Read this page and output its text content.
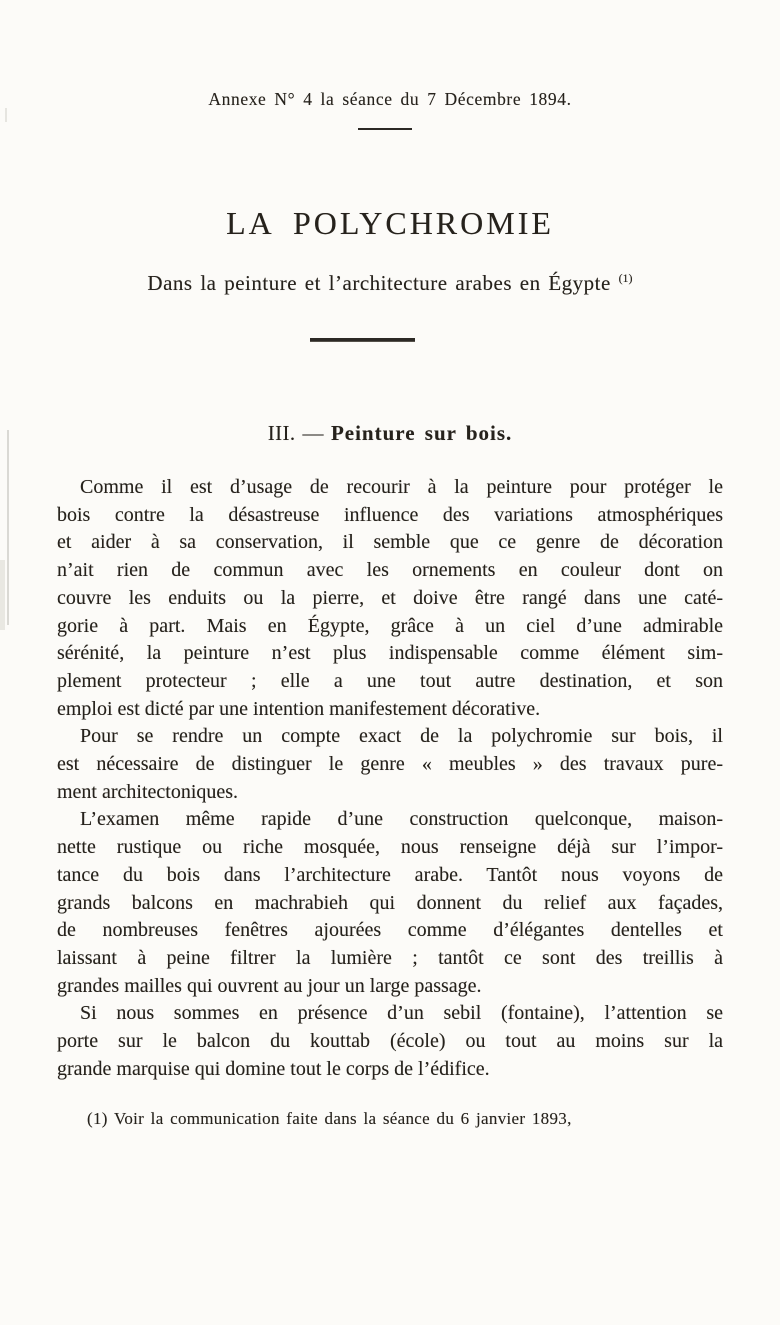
Annexe N° 4 la séance du 7 Décembre 1894.
LA POLYCHROMIE
Dans la peinture et l’architecture arabes en Égypte $^{(1)}$
III. — Peinture sur bois.
Comme il est d’usage de recourir à la peinture pour protéger le
bois contre la désastreuse influence des variations atmosphériques
et aider à sa conservation, il semble que ce genre de décoration
n’ait rien de commun avec les ornements en couleur dont on
couvre les enduits ou la pierre, et doive être rangé dans une caté-
gorie à part. Mais en Égypte, grâce à un ciel d’une admirable
sérénité, la peinture n’est plus indispensable comme élément sim-
plement protecteur ; elle a une tout autre destination, et son
emploi est dicté par une intention manifestement décorative.
Pour se rendre un compte exact de la polychromie sur bois, il
est nécessaire de distinguer le genre « meubles » des travaux pure-
ment architectoniques.
L’examen même rapide d’une construction quelconque, maison-
nette rustique ou riche mosquée, nous renseigne déjà sur l’impor-
tance du bois dans l’architecture arabe. Tantôt nous voyons de
grands balcons en machrabieh qui donnent du relief aux façades,
de nombreuses fenêtres ajourées comme d’élégantes dentelles et
laissant à peine filtrer la lumière ; tantôt ce sont des treillis à
grandes mailles qui ouvrent au jour un large passage.
Si nous sommes en présence d’un sebil (fontaine), l’attention se
porte sur le balcon du kouttab (école) ou tout au moins sur la
grande marquise qui domine tout le corps de l’édifice.
(1) Voir la communication faite dans la séance du 6 janvier 1893,
